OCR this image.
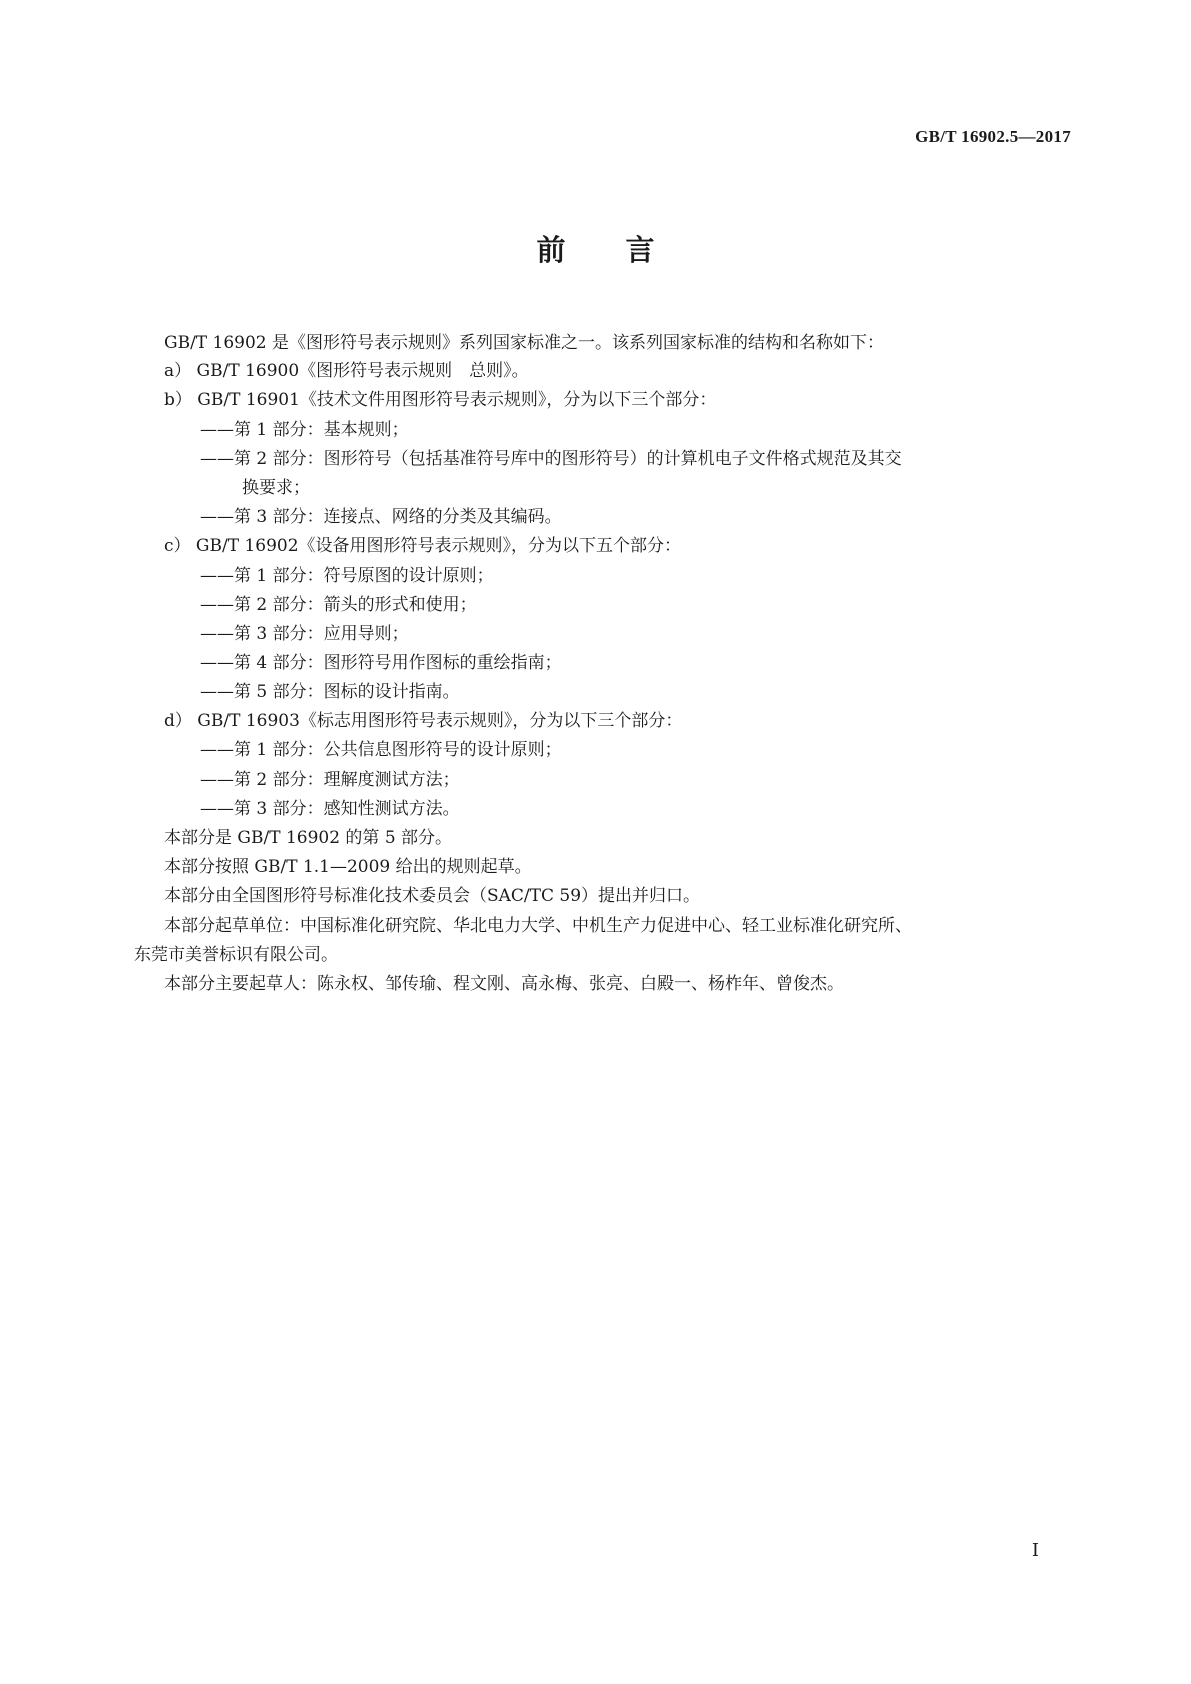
GB/T 16902.5—2017
前 言
GB/T 16902 是《图形符号表示规则》系列国家标准之一。该系列国家标准的结构和名称如下：
a） GB/T 16900《图形符号表示规则　总则》。
b） GB/T 16901《技术文件用图形符号表示规则》，分为以下三个部分：
——第 1 部分：基本规则；
——第 2 部分：图形符号（包括基准符号库中的图形符号）的计算机电子文件格式规范及其交
换要求；
——第 3 部分：连接点、网络的分类及其编码。
c） GB/T 16902《设备用图形符号表示规则》，分为以下五个部分：
——第 1 部分：符号原图的设计原则；
——第 2 部分：箭头的形式和使用；
——第 3 部分：应用导则；
——第 4 部分：图形符号用作图标的重绘指南；
——第 5 部分：图标的设计指南。
d） GB/T 16903《标志用图形符号表示规则》，分为以下三个部分：
——第 1 部分：公共信息图形符号的设计原则；
——第 2 部分：理解度测试方法；
——第 3 部分：感知性测试方法。
本部分是 GB/T 16902 的第 5 部分。
本部分按照 GB/T 1.1—2009 给出的规则起草。
本部分由全国图形符号标准化技术委员会（SAC/TC 59）提出并归口。
本部分起草单位：中国标准化研究院、华北电力大学、中机生产力促进中心、轻工业标准化研究所、
东莞市美誉标识有限公司。
本部分主要起草人：陈永权、邹传瑜、程文刚、高永梅、张亮、白殿一、杨柞年、曾俊杰。
I
